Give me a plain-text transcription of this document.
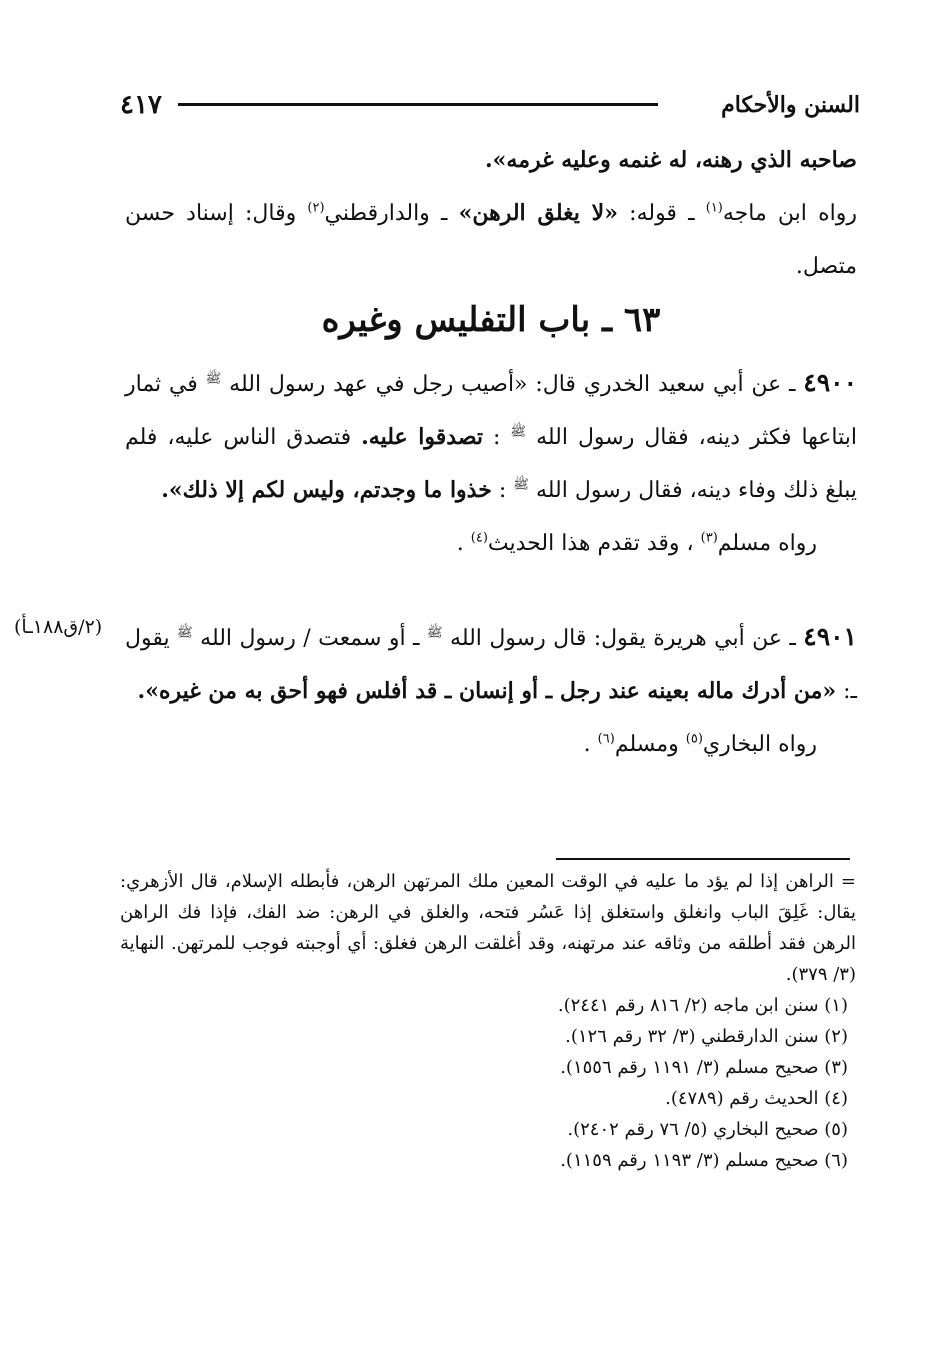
السنن والأحكام
٤١٧
صاحبه الذي رهنه، له غنمه وعليه غرمه».
رواه ابن ماجه$^{(١)}$ ـ قوله: «لا يغلق الرهن» ـ والدارقطني$^{(٢)}$ وقال: إسناد حسن متصل.
٦٣ ـ باب التفليس وغيره
٤٩٠٠ ـ عن أبي سعيد الخدري قال: «أصيب رجل في عهد رسول الله $^ﷺ$ في ثمار ابتاعها فكثر دينه، فقال رسول الله $^ﷺ$ : تصدقوا عليه. فتصدق الناس عليه، فلم يبلغ ذلك وفاء دينه، فقال رسول الله $^ﷺ$ : خذوا ما وجدتم، وليس لكم إلا ذلك».
رواه مسلم$^{(٣)}$ ، وقد تقدم هذا الحديث$^{(٤)}$ .
(٢/ق١٨٨ـأ)	٤٩٠١ ـ عن أبي هريرة يقول: قال رسول الله $^ﷺ$ ـ أو سمعت / رسول الله $^ﷺ$ يقول ـ: «من أدرك ماله بعينه عند رجل ـ أو إنسان ـ قد أفلس فهو أحق به من غيره».
رواه البخاري$^{(٥)}$ ومسلم$^{(٦)}$ .
= الراهن إذا لم يؤد ما عليه في الوقت المعين ملك المرتهن الرهن، فأبطله الإسلام، قال الأزهري: يقال: غَلِقَ الباب وانغلق واستغلق إذا عَسُر فتحه، والغلق في الرهن: ضد الفك، فإذا فك الراهن الرهن فقد أطلقه من وثاقه عند مرتهنه، وقد أغلقت الرهن فغلق: أي أوجبته فوجب للمرتهن. النهاية (٣/ ٣٧٩).
(١) سنن ابن ماجه (٢/ ٨١٦ رقم ٢٤٤١).
(٢) سنن الدارقطني (٣/ ٣٢ رقم ١٢٦).
(٣) صحيح مسلم (٣/ ١١٩١ رقم ١٥٥٦).
(٤) الحديث رقم (٤٧٨٩).
(٥) صحيح البخاري (٥/ ٧٦ رقم ٢٤٠٢).
(٦) صحيح مسلم (٣/ ١١٩٣ رقم ١١٥٩).
